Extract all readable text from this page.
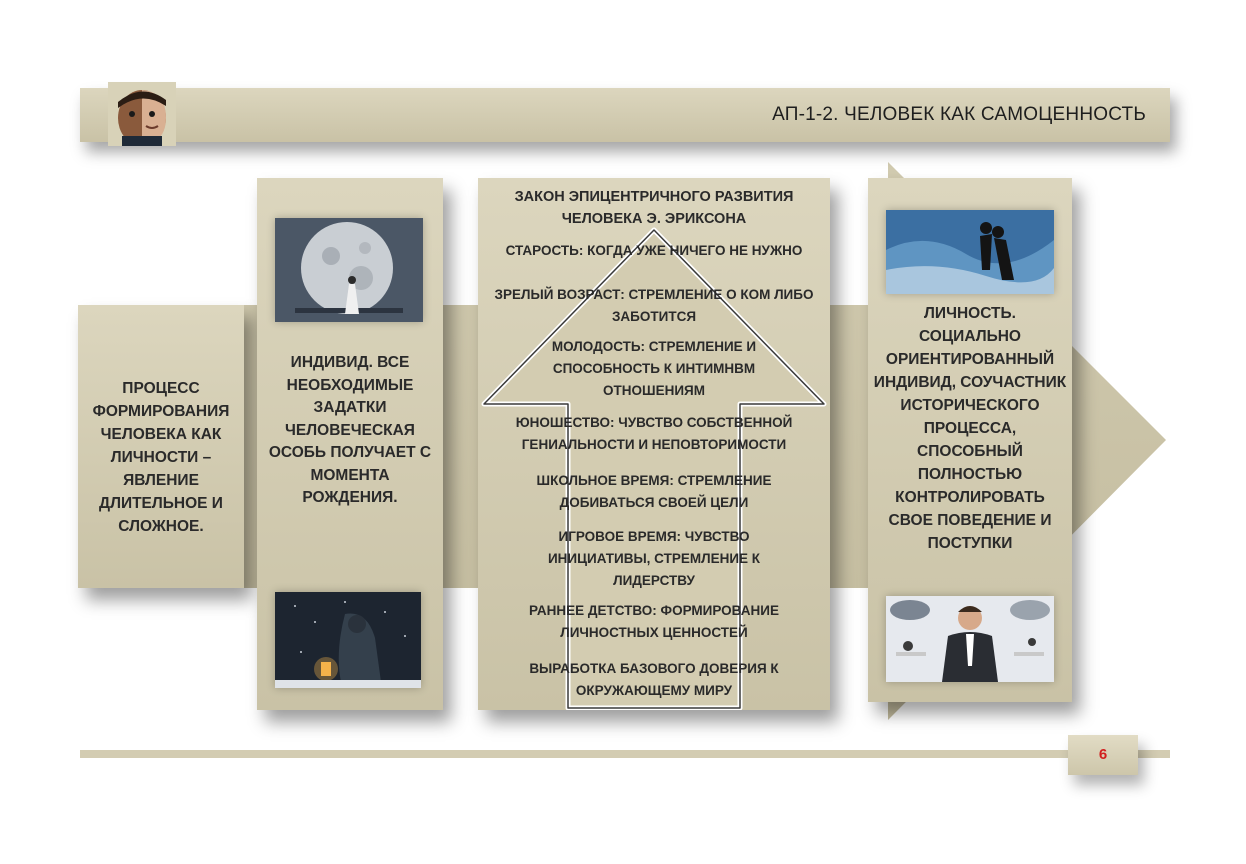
АП-1-2. ЧЕЛОВЕК КАК САМОЦЕННОСТЬ
ПРОЦЕСС ФОРМИРОВАНИЯ ЧЕЛОВЕКА КАК ЛИЧНОСТИ – ЯВЛЕНИЕ ДЛИТЕЛЬНОЕ И СЛОЖНОЕ.
ИНДИВИД. ВСЕ НЕОБХОДИМЫЕ ЗАДАТКИ ЧЕЛОВЕЧЕСКАЯ ОСОБЬ ПОЛУЧАЕТ С МОМЕНТА РОЖДЕНИЯ.
ЗАКОН ЭПИЦЕНТРИЧНОГО РАЗВИТИЯ ЧЕЛОВЕКА Э. ЭРИКСОНА
СТАРОСТЬ: КОГДА УЖЕ НИЧЕГО НЕ НУЖНО
ЗРЕЛЫЙ ВОЗРАСТ: СТРЕМЛЕНИЕ О КОМ ЛИБО ЗАБОТИТСЯ
МОЛОДОСТЬ: СТРЕМЛЕНИЕ И СПОСОБНОСТЬ К ИНТИМНВМ ОТНОШЕНИЯМ
ЮНОШЕСТВО: ЧУВСТВО СОБСТВЕННОЙ ГЕНИАЛЬНОСТИ И НЕПОВТОРИМОСТИ
ШКОЛЬНОЕ ВРЕМЯ: СТРЕМЛЕНИЕ ДОБИВАТЬСЯ СВОЕЙ ЦЕЛИ
ИГРОВОЕ ВРЕМЯ: ЧУВСТВО ИНИЦИАТИВЫ, СТРЕМЛЕНИЕ К ЛИДЕРСТВУ
РАННЕЕ ДЕТСТВО: ФОРМИРОВАНИЕ ЛИЧНОСТНЫХ ЦЕННОСТЕЙ
ВЫРАБОТКА БАЗОВОГО ДОВЕРИЯ К ОКРУЖАЮЩЕМУ МИРУ
ЛИЧНОСТЬ. СОЦИАЛЬНО ОРИЕНТИРОВАННЫЙ ИНДИВИД, СОУЧАСТНИК ИСТОРИЧЕСКОГО ПРОЦЕССА, СПОСОБНЫЙ ПОЛНОСТЬЮ КОНТРОЛИРОВАТЬ СВОЕ ПОВЕДЕНИЕ И ПОСТУПКИ
6
